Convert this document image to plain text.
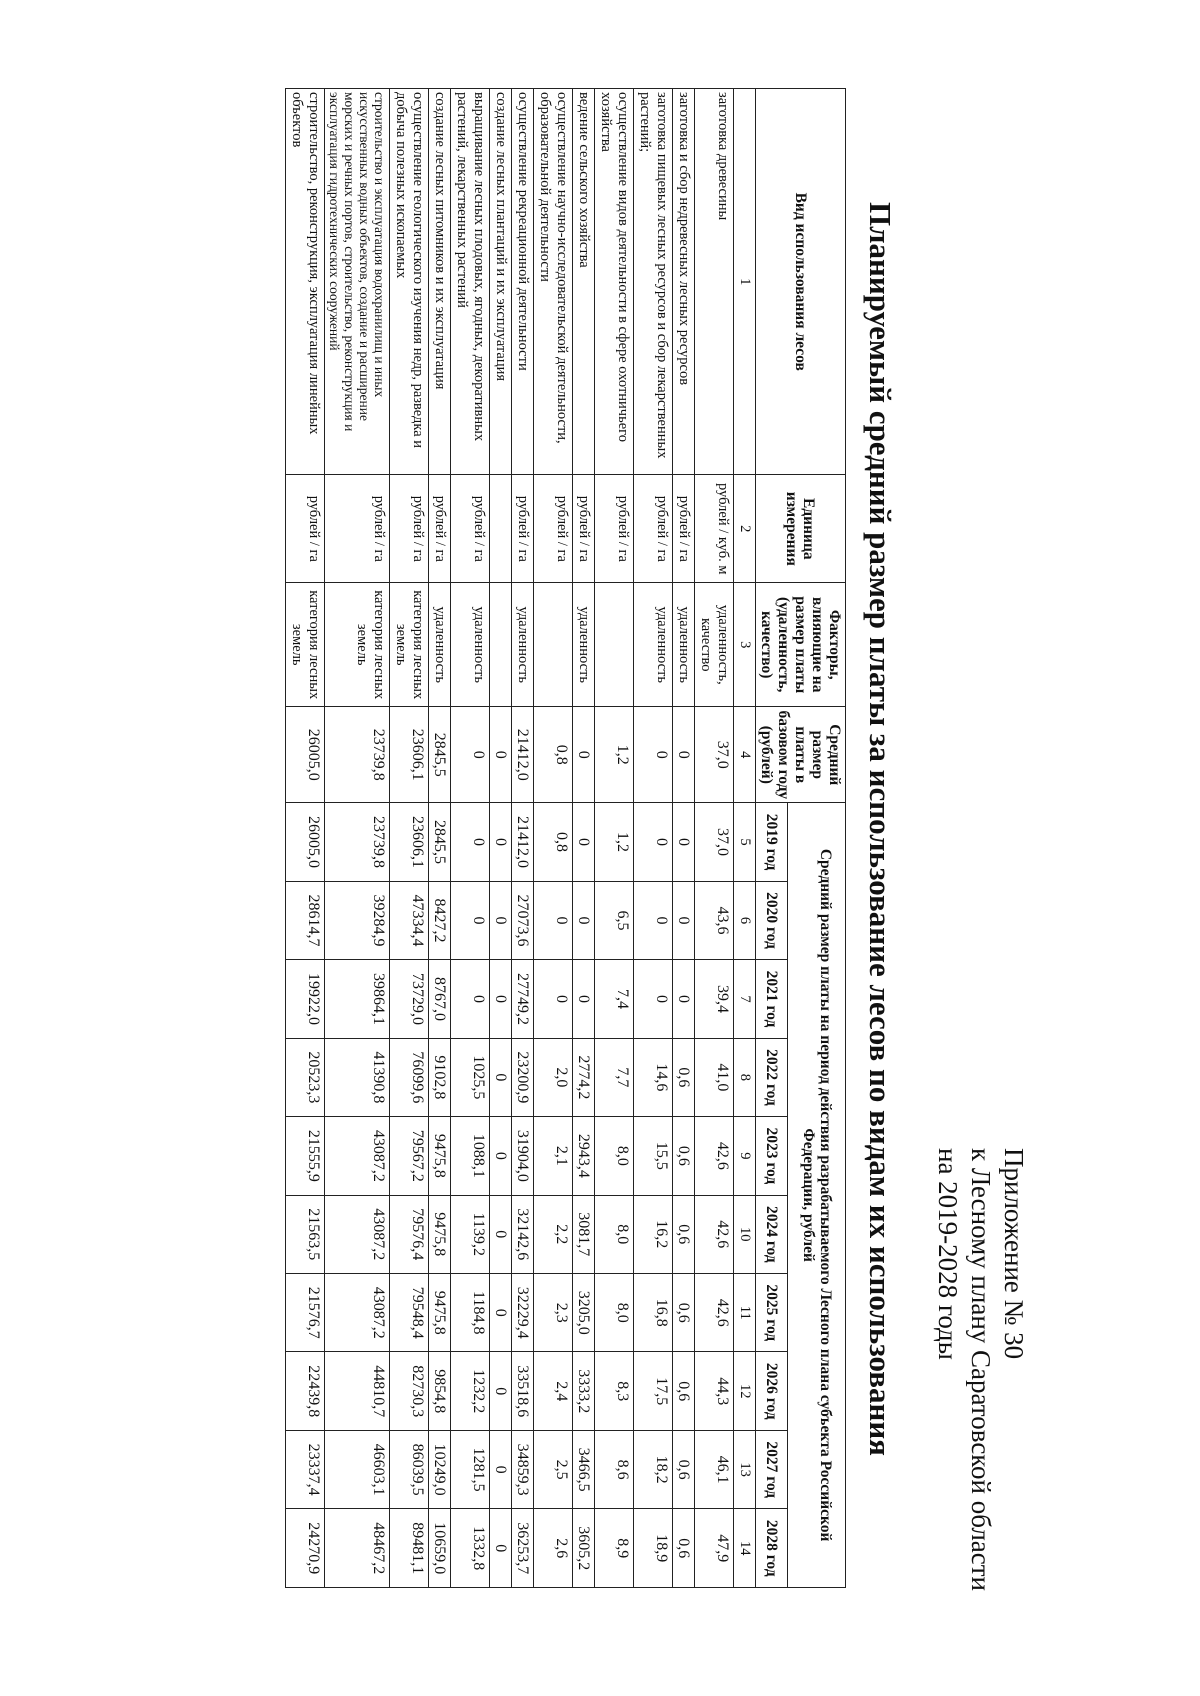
Приложение № 30
к Лесному плану Саратовской области
на 2019-2028 годы
Планируемый средний размер платы за использование лесов по видам их использования
Вид использования лесов	Единица измерения	Факторы, влияющие на размер платы (удаленность, качество)	Средний размер платы в базовом году (рублей)	Средний размер платы на период действия разрабатываемого Лесного плана субъекта Российской Федерации, рублей									
				2019 год	2020 год	2021 год	2022 год	2023 год	2024 год	2025 год	2026 год	2027 год	2028 год
1	2	3	4	5	6	7	8	9	10	11	12	13	14
заготовка древесины	рублей / куб. м	удаленность, качество	37,0	37,0	43,6	39,4	41,0	42,6	42,6	42,6	44,3	46,1	47,9
заготовка и сбор недревесных лесных ресурсов	рублей / га	удаленность	0	0	0	0	0,6	0,6	0,6	0,6	0,6	0,6	0,6
заготовка пищевых лесных ресурсов и сбор лекарственных растений;	рублей / га	удаленность	0	0	0	0	14,6	15,5	16,2	16,8	17,5	18,2	18,9
осуществление видов деятельности в сфере охотничьего хозяйства	рублей / га		1,2	1,2	6,5	7,4	7,7	8,0	8,0	8,0	8,3	8,6	8,9
ведение сельского хозяйства	рублей / га	удаленность	0	0	0	0	2774,2	2943,4	3081,7	3205,0	3333,2	3466,5	3605,2
осуществление научно-исследовательской деятельности, образовательной деятельности	рублей / га		0,8	0,8	0	0	2,0	2,1	2,2	2,3	2,4	2,5	2,6
осуществление рекреационной деятельности	рублей / га	удаленность	21412,0	21412,0	27073,6	27749,2	23200,9	31904,0	32142,6	32229,4	33518,6	34859,3	36253,7
создание лесных плантаций и их эксплуатация			0	0	0	0	0	0	0	0	0	0	0
выращивание лесных плодовых, ягодных, декоративных растений, лекарственных растений	рублей / га	удаленность	0	0	0	0	1025,5	1088,1	1139,2	1184,8	1232,2	1281,5	1332,8
создание лесных питомников и их эксплуатация	рублей / га	удаленность	2845,5	2845,5	8427,2	8767,0	9102,8	9475,8	9475,8	9475,8	9854,8	10249,0	10659,0
осуществление геологического изучения недр, разведка и добыча полезных ископаемых	рублей / га	категория лесных земель	23606,1	23606,1	47334,4	73729,0	76099,6	79567,2	79576,4	79548,4	82730,3	86039,5	89481,1
строительство и эксплуатация водохранилищ и иных искусственных водных объектов, создание и расширение морских и речных портов, строительство, реконструкция и эксплуатация гидротехнических сооружений	рублей / га	категория лесных земель	23739,8	23739,8	39284,9	39864,1	41390,8	43087,2	43087,2	43087,2	44810,7	46603,1	48467,2
строительство, реконструкция, эксплуатация линейных объектов	рублей / га	категория лесных земель	26005,0	26005,0	28614,7	19922,0	20523,3	21555,9	21563,5	21576,7	22439,8	23337,4	24270,9
